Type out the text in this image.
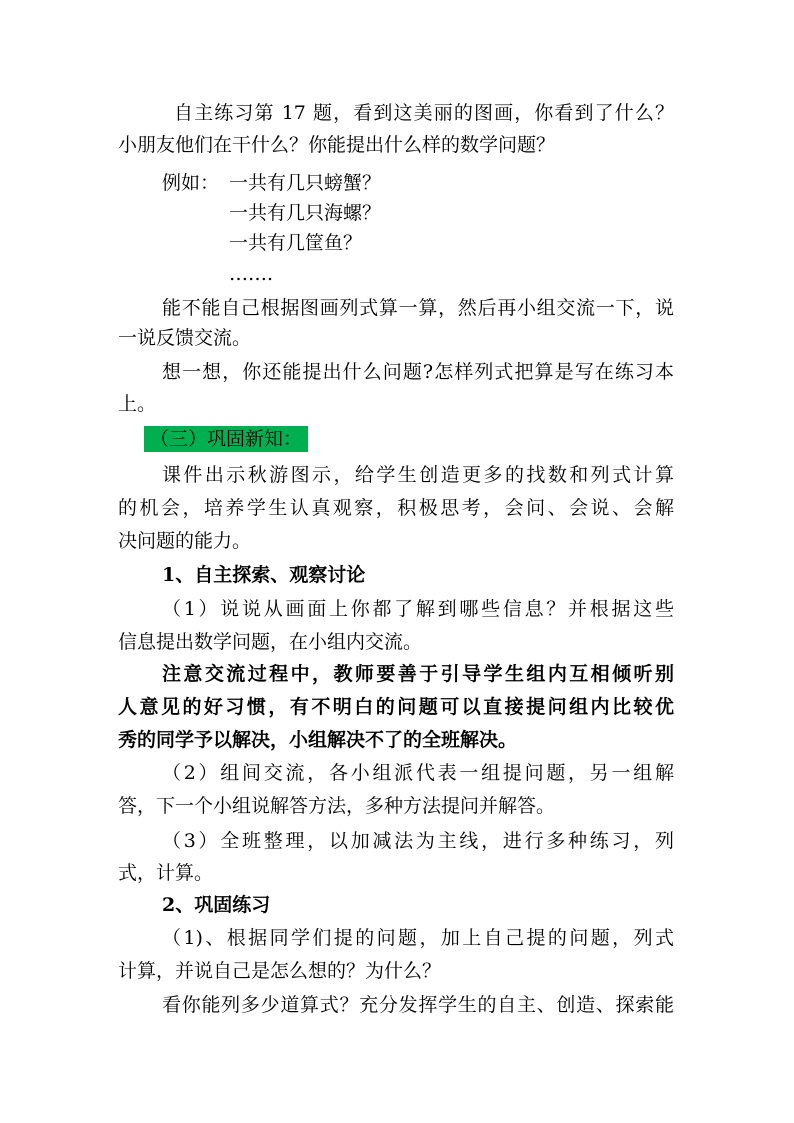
自主练习第 17 题，看到这美丽的图画，你看到了什么？
小朋友他们在干什么？你能提出什么样的数学问题？
例如： 一共有几只螃蟹？
一共有几只海螺？
一共有几筐鱼？
…….
能不能自己根据图画列式算一算，然后再小组交流一下，说
一说反馈交流。
想一想，你还能提出什么问题?怎样列式把算是写在练习本
上。
（三）巩固新知：
课件出示秋游图示，给学生创造更多的找数和列式计算
的机会，培养学生认真观察，积极思考，会问、会说、会解
决问题的能力。
1、自主探索、观察讨论
（1）说说从画面上你都了解到哪些信息？并根据这些
信息提出数学问题，在小组内交流。
注意交流过程中，教师要善于引导学生组内互相倾听别
人意见的好习惯，有不明白的问题可以直接提问组内比较优
秀的同学予以解决，小组解决不了的全班解决。
（2）组间交流，各小组派代表一组提问题，另一组解
答，下一个小组说解答方法，多种方法提问并解答。
（3）全班整理，以加减法为主线，进行多种练习，列
式，计算。
2、巩固练习
（1)、根据同学们提的问题，加上自己提的问题，列式
计算，并说自己是怎么想的？为什么？
看你能列多少道算式？充分发挥学生的自主、创造、探索能
